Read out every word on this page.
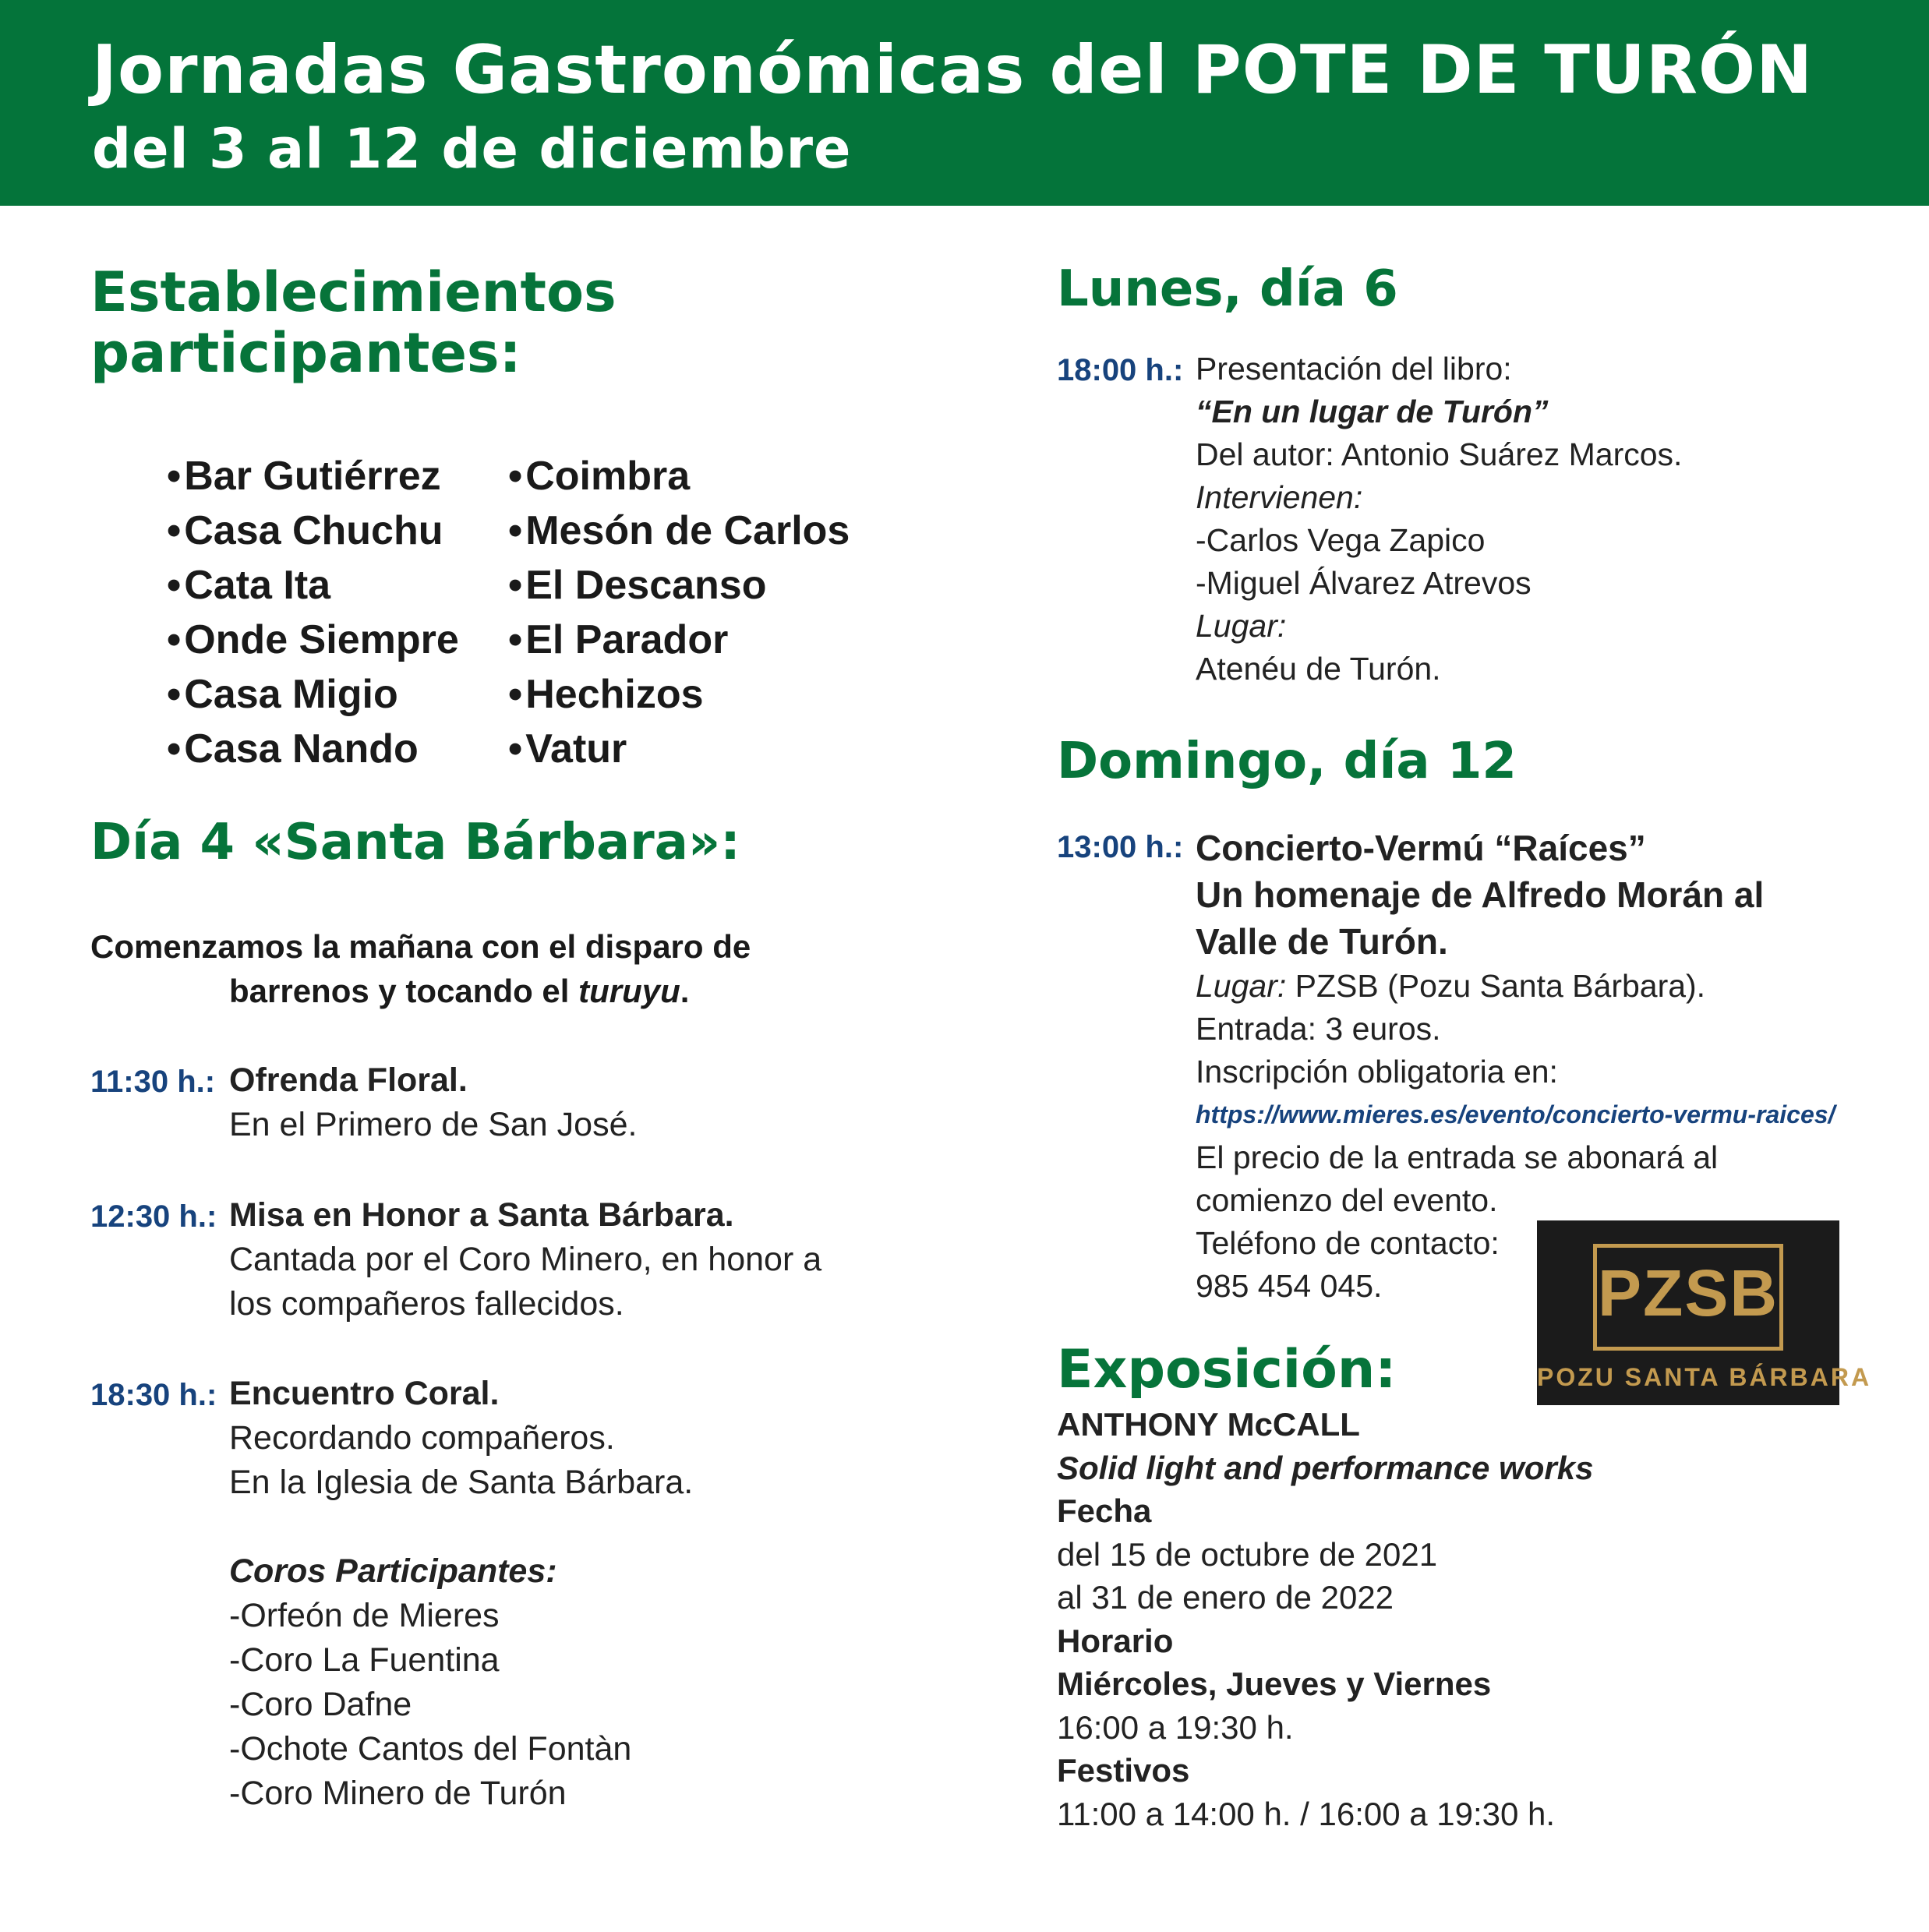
Jornadas Gastronómicas del POTE DE TURÓN
del 3 al 12 de diciembre
Establecimientos
participantes:
• Bar Gutiérrez
• Casa Chuchu
• Cata Ita
• Onde Siempre
• Casa Migio
• Casa Nando
• Coimbra
• Mesón de Carlos
• El Descanso
• El Parador
• Hechizos
• Vatur
Día 4 «Santa Bárbara»:
Comenzamos la mañana con el disparo de
barrenos y tocando el turuyu.
11:30 h.: Ofrenda Floral.
En el Primero de San José.
12:30 h.: Misa en Honor a Santa Bárbara.
Cantada por el Coro Minero, en honor a
los compañeros fallecidos.
18:30 h.: Encuentro Coral.
Recordando compañeros.
En la Iglesia de Santa Bárbara.

Coros Participantes:
-Orfeón de Mieres
-Coro La Fuentina
-Coro Dafne
-Ochote Cantos del Fontàn
-Coro Minero de Turón
Lunes, día 6
18:00 h.: Presentación del libro:
“En un lugar de Turón”
Del autor: Antonio Suárez Marcos.
Intervienen:
-Carlos Vega Zapico
-Miguel Álvarez Atrevos
Lugar:
Atenéu de Turón.
Domingo, día 12
13:00 h.: Concierto-Vermú “Raíces”
Un homenaje de Alfredo Morán al
Valle de Turón.
Lugar: PZSB (Pozu Santa Bárbara).
Entrada: 3 euros.
Inscripción obligatoria en:
https://www.mieres.es/evento/concierto-vermu-raices/
El precio de la entrada se abonará al
comienzo del evento.
Teléfono de contacto:
985 454 045.	PZSB
POZU SANTA BÁRBARA
Exposición:
ANTHONY McCALL
Solid light and performance works
Fecha
del 15 de octubre de 2021
al 31 de enero de 2022
Horario
Miércoles, Jueves y Viernes
16:00 a 19:30 h.
Festivos
11:00 a 14:00 h. / 16:00 a 19:30 h.
